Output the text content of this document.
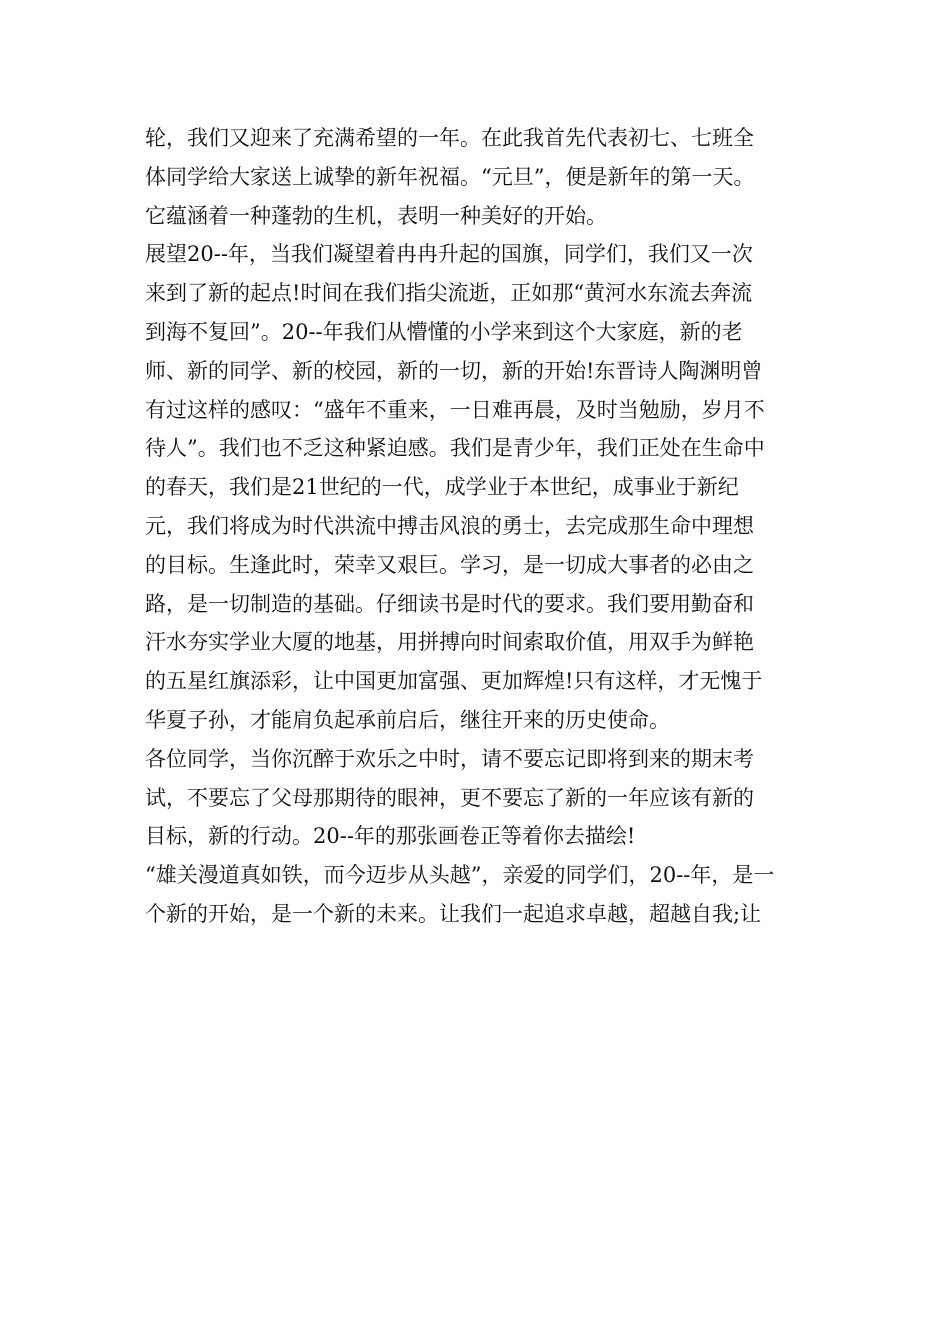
轮，我们又迎来了充满希望的一年。在此我首先代表初七、七班全
体同学给大家送上诚挚的新年祝福。“元旦”，便是新年的第一天。
它蕴涵着一种蓬勃的生机，表明一种美好的开始。
展望20--年，当我们凝望着冉冉升起的国旗，同学们，我们又一次
来到了新的起点!时间在我们指尖流逝，正如那“黄河水东流去奔流
到海不复回”。20--年我们从懵懂的小学来到这个大家庭，新的老
师、新的同学、新的校园，新的一切，新的开始!东晋诗人陶渊明曾
有过这样的感叹：“盛年不重来，一日难再晨，及时当勉励，岁月不
待人”。我们也不乏这种紧迫感。我们是青少年，我们正处在生命中
的春天，我们是21世纪的一代，成学业于本世纪，成事业于新纪
元，我们将成为时代洪流中搏击风浪的勇士，去完成那生命中理想
的目标。生逢此时，荣幸又艰巨。学习，是一切成大事者的必由之
路，是一切制造的基础。仔细读书是时代的要求。我们要用勤奋和
汗水夯实学业大厦的地基，用拼搏向时间索取价值，用双手为鲜艳
的五星红旗添彩，让中国更加富强、更加辉煌!只有这样，才无愧于
华夏子孙，才能肩负起承前启后，继往开来的历史使命。
各位同学，当你沉醉于欢乐之中时，请不要忘记即将到来的期末考
试，不要忘了父母那期待的眼神，更不要忘了新的一年应该有新的
目标，新的行动。20--年的那张画卷正等着你去描绘!
“雄关漫道真如铁，而今迈步从头越”，亲爱的同学们，20--年，是一
个新的开始，是一个新的未来。让我们一起追求卓越，超越自我;让
